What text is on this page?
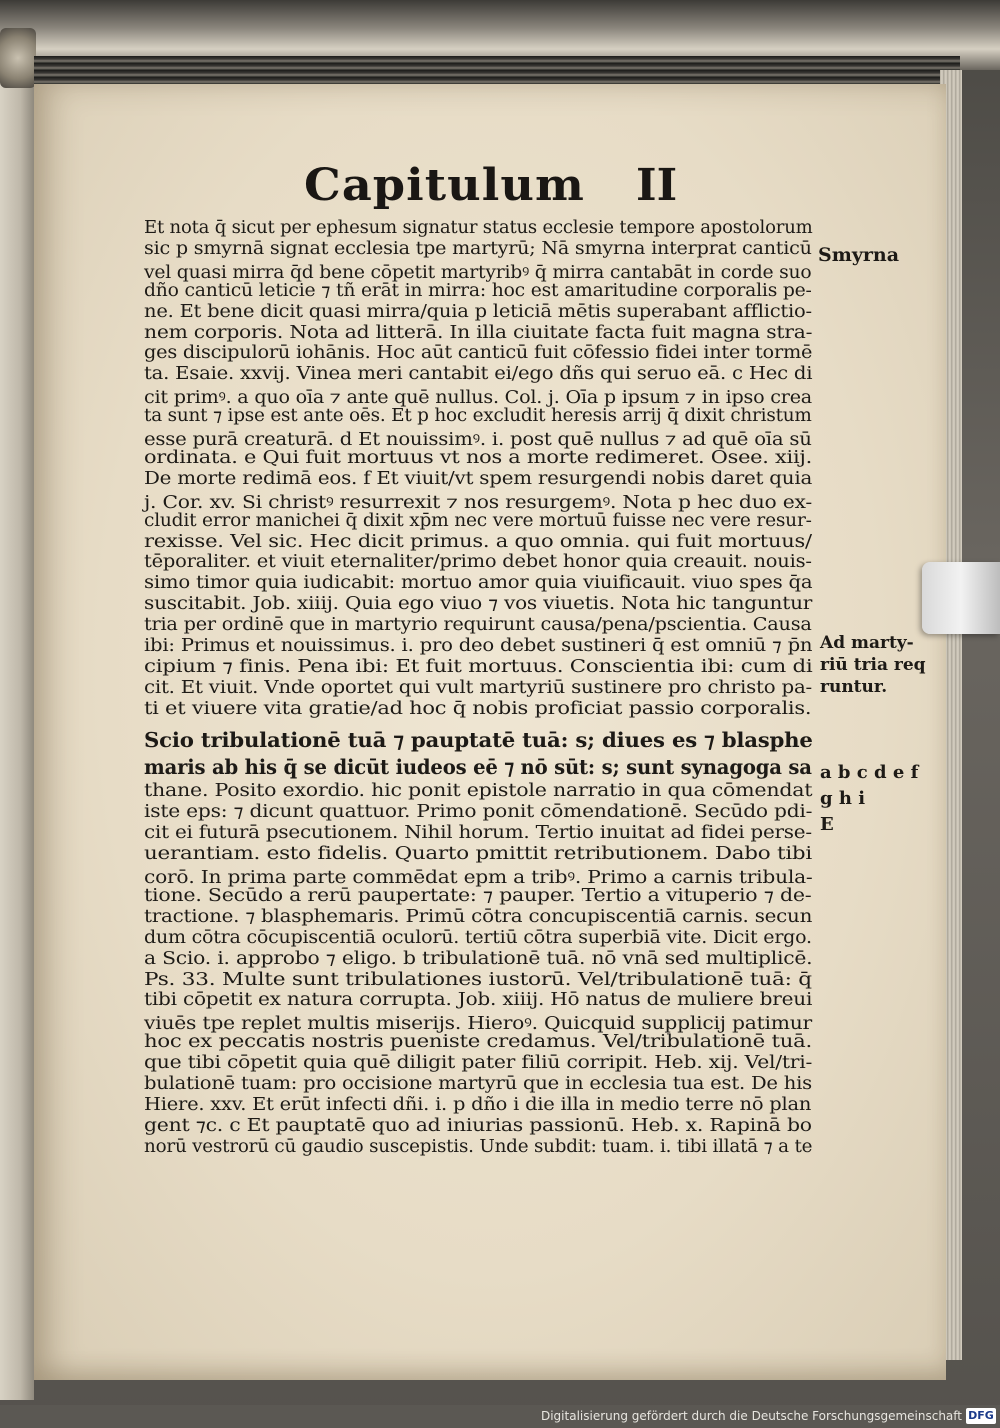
Capitulum II
Et nota q̄ sicut per ephesum signatur status ecclesie tempore apostolorum
sic p smyrnā signat ecclesia tpe martyrū; Nā smyrna interprat canticū
vel quasi mirra q̄d bene cōpetit martyribꝰ q̄ mirra cantabāt in corde suo
dño canticū leticie ⁊ tñ erāt in mirra: hoc est amaritudine corporalis pe-
ne. Et bene dicit quasi mirra/quia p leticiā mētis superabant afflictio-
nem corporis. Nota ad litterā. In illa ciuitate facta fuit magna stra-
ges discipulorū iohānis. Hoc aūt canticū fuit cōfessio fidei inter tormē
ta. Esaie. xxvij. Vinea meri cantabit ei/ego dñs qui seruo eā. c Hec di
cit primꝰ. a quo oīa ⁊ ante quē nullus. Col. j. Oīa p ipsum ⁊ in ipso crea
ta sunt ⁊ ipse est ante oēs. Et p hoc excludit heresis arrij q̄ dixit christum
esse purā creaturā. d Et nouissimꝰ. i. post quē nullus ⁊ ad quē oīa sū
ordinata. e Qui fuit mortuus vt nos a morte redimeret. Osee. xiij.
De morte redimā eos. f Et viuit/vt spem resurgendi nobis daret quia
j. Cor. xv. Si christꝰ resurrexit ⁊ nos resurgemꝰ. Nota p hec duo ex-
cludit error manichei q̄ dixit xp̄m nec vere mortuū fuisse nec vere resur-
rexisse. Vel sic. Hec dicit primus. a quo omnia. qui fuit mortuus/
tēporaliter. et viuit eternaliter/primo debet honor quia creauit. nouis-
simo timor quia iudicabit: mortuo amor quia viuificauit. viuo spes q̄a
suscitabit. Job. xiiij. Quia ego viuo ⁊ vos viuetis. Nota hic tanguntur
tria per ordinē que in martyrio requirunt causa/pena/pscientia. Causa
ibi: Primus et nouissimus. i. pro deo debet sustineri q̄ est omniū ⁊ p̄n
cipium ⁊ finis. Pena ibi: Et fuit mortuus. Conscientia ibi: cum di
cit. Et viuit. Vnde oportet qui vult martyriū sustinere pro christo pa-
ti et viuere vita gratie/ad hoc q̄ nobis proficiat passio corporalis.
Scio tribulationē tuā ⁊ pauptatē tuā: s; diues es ⁊ blasphe
maris ab his q̄ se dicūt iudeos eē ⁊ nō sūt: s; sunt synagoga sa
thane. Posito exordio. hic ponit epistole narratio in qua cōmendat
iste eps: ⁊ dicunt quattuor. Primo ponit cōmendationē. Secūdo pdi-
cit ei futurā psecutionem. Nihil horum. Tertio inuitat ad fidei perse-
uerantiam. esto fidelis. Quarto pmittit retributionem. Dabo tibi
corō. In prima parte commēdat epm a tribꝰ. Primo a carnis tribula-
tione. Secūdo a rerū paupertate: ⁊ pauper. Tertio a vituperio ⁊ de-
tractione. ⁊ blasphemaris. Primū cōtra concupiscentiā carnis. secun
dum cōtra cōcupiscentiā oculorū. tertiū cōtra superbiā vite. Dicit ergo.
a Scio. i. approbo ⁊ eligo. b tribulationē tuā. nō vnā sed multiplicē.
Ps. 33. Multe sunt tribulationes iustorū. Vel/tribulationē tuā: q̄
tibi cōpetit ex natura corrupta. Job. xiiij. Hō natus de muliere breui
viuēs tpe replet multis miserijs. Hieroꝰ. Quicquid supplicij patimur
hoc ex peccatis nostris pueniste credamus. Vel/tribulationē tuā.
que tibi cōpetit quia quē diligit pater filiū corripit. Heb. xij. Vel/tri-
bulationē tuam: pro occisione martyrū que in ecclesia tua est. De his
Hiere. xxv. Et erūt infecti dñi. i. p dño i die illa in medio terre nō plan
gent ⁊c. c Et pauptatē quo ad iniurias passionū. Heb. x. Rapinā bo
norū vestrorū cū gaudio suscepistis. Unde subdit: tuam. i. tibi illatā ⁊ a te
Smyrna
Ad marty-
riū tria req
runtur.
a b c d e f
g h i
E
Digitalisierung gefördert durch die Deutsche Forschungsgemeinschaft DFG
